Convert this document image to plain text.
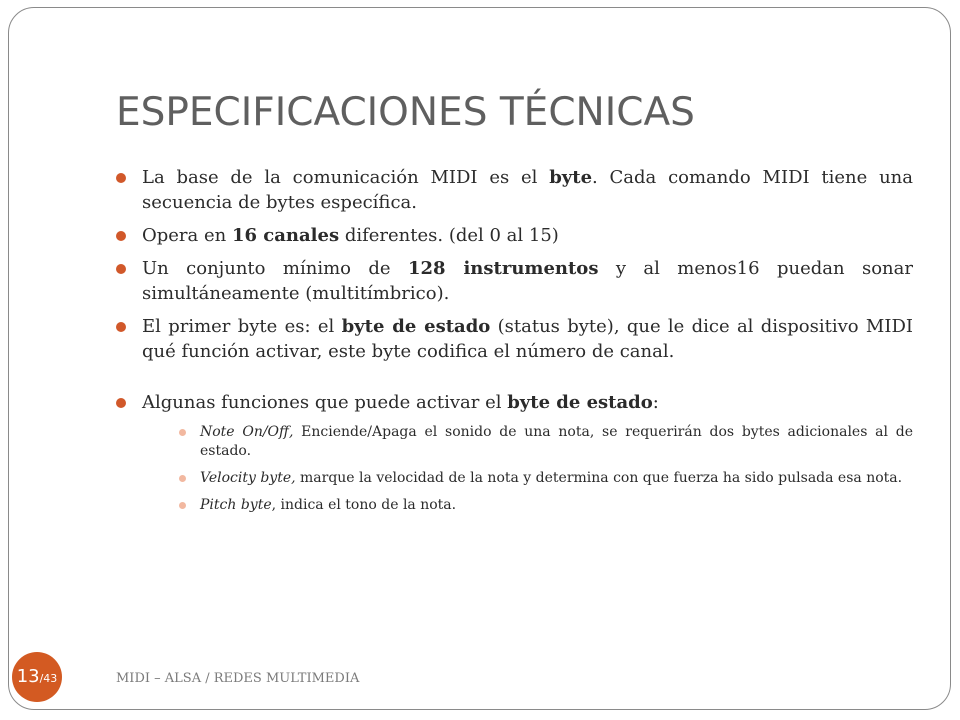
ESPECIFICACIONES TÉCNICAS

La base de la comunicación MIDI es el byte. Cada comando MIDI tiene una secuencia de bytes específica.

Opera en 16 canales diferentes. (del 0 al 15)

Un conjunto mínimo de 128 instrumentos y al menos16 puedan sonar simultáneamente (multitímbrico).

El primer byte es: el byte de estado (status byte), que le dice al dispositivo MIDI qué función activar, este byte codifica el número de canal.

Algunas funciones que puede activar el byte de estado:

Note On/Off, Enciende/Apaga el sonido de una nota, se requerirán dos bytes adicionales al de estado.
Velocity byte, marque la velocidad de la nota y determina con que fuerza ha sido pulsada esa nota.
Pitch byte, indica el tono de la nota.
MIDI – ALSA / REDES MULTIMEDIA
13/43
